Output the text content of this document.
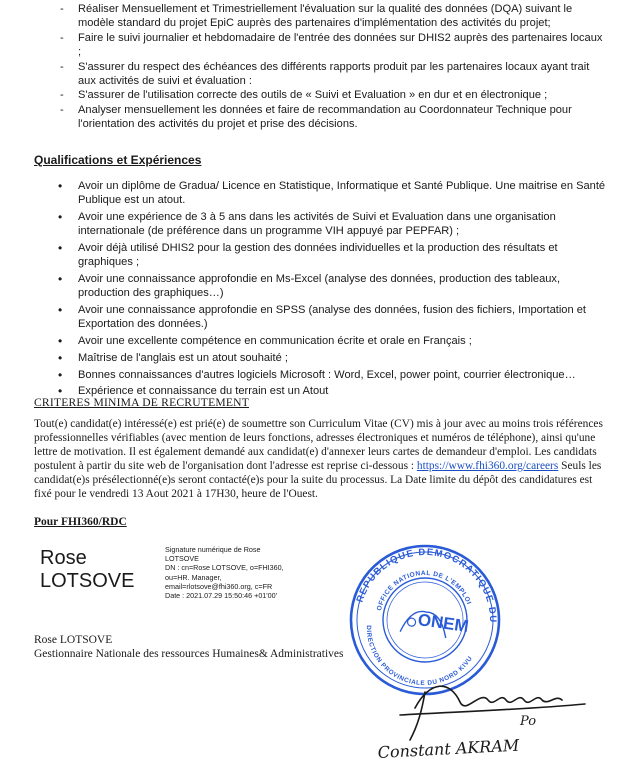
- Réaliser Mensuellement et Trimestriellement l'évaluation sur la qualité des données (DQA) suivant le modèle standard du projet EpiC auprès des partenaires d'implémentation des activités du projet;
- Faire le suivi journalier et hebdomadaire de l'entrée des données sur DHIS2 auprès des partenaires locaux ;
- S'assurer du respect des échéances des différents rapports produit par les partenaires locaux ayant trait aux activités de suivi et évaluation :
- S'assurer de l'utilisation correcte des outils de « Suivi et Evaluation » en dur et en électronique ;
- Analyser mensuellement les données et faire de recommandation au Coordonnateur Technique pour l'orientation des activités du projet et prise des décisions.
Qualifications et Expériences
• Avoir un diplôme de Gradua/ Licence en Statistique, Informatique et Santé Publique. Une maitrise en Santé Publique est un atout.
• Avoir une expérience de 3 à 5 ans dans les activités de Suivi et Evaluation dans une organisation internationale (de préférence dans un programme VIH appuyé par PEPFAR) ;
• Avoir déjà utilisé DHIS2 pour la gestion des données individuelles et la production des résultats et graphiques ;
• Avoir une connaissance approfondie en Ms-Excel (analyse des données, production des tableaux, production des graphiques…)
• Avoir une connaissance approfondie en SPSS (analyse des données, fusion des fichiers, Importation et Exportation des données.)
• Avoir une excellente compétence en communication écrite et orale en Français ;
• Maîtrise de l'anglais est un atout souhaité ;
• Bonnes connaissances d'autres logiciels Microsoft : Word, Excel, power point, courrier électronique…
• Expérience et connaissance du terrain est un Atout
CRITERES MINIMA DE RECRUTEMENT
Tout(e) candidat(e) intéressé(e) est prié(e) de soumettre son Curriculum Vitae (CV) mis à jour avec au moins trois références professionnelles vérifiables (avec mention de leurs fonctions, adresses électroniques et numéros de téléphone), ainsi qu'une lettre de motivation. Il est également demandé aux candidat(e) d'annexer leurs cartes de demandeur d'emploi. Les candidats postulent à partir du site web de l'organisation dont l'adresse est reprise ci-dessous : https://www.fhi360.org/careers Seuls les candidat(e)s présélectionné(e)s seront contacté(e)s pour la suite du processus. La Date limite du dépôt des candidatures est fixé pour le vendredi 13 Aout 2021 à 17H30, heure de l'Ouest.
Pour FHI360/RDC
Rose
LOTSOVE
Signature numérique de Rose
LOTSOVE
DN : cn=Rose LOTSOVE, o=FHI360,
ou=HR. Manager,
email=rlotsove@fhi360.org, c=FR
Date : 2021.07.29 15:50:46 +01'00'
Rose LOTSOVE
Gestionnaire Nationale des ressources Humaines& Administratives
REPUBLIQUE DEMOCRATIQUE DU
DIRECTION PROVINCIALE DU NORD KIVU
OFFICE NATIONAL DE L'EMPLOI
ONEM
Po
Constant AKRAM
